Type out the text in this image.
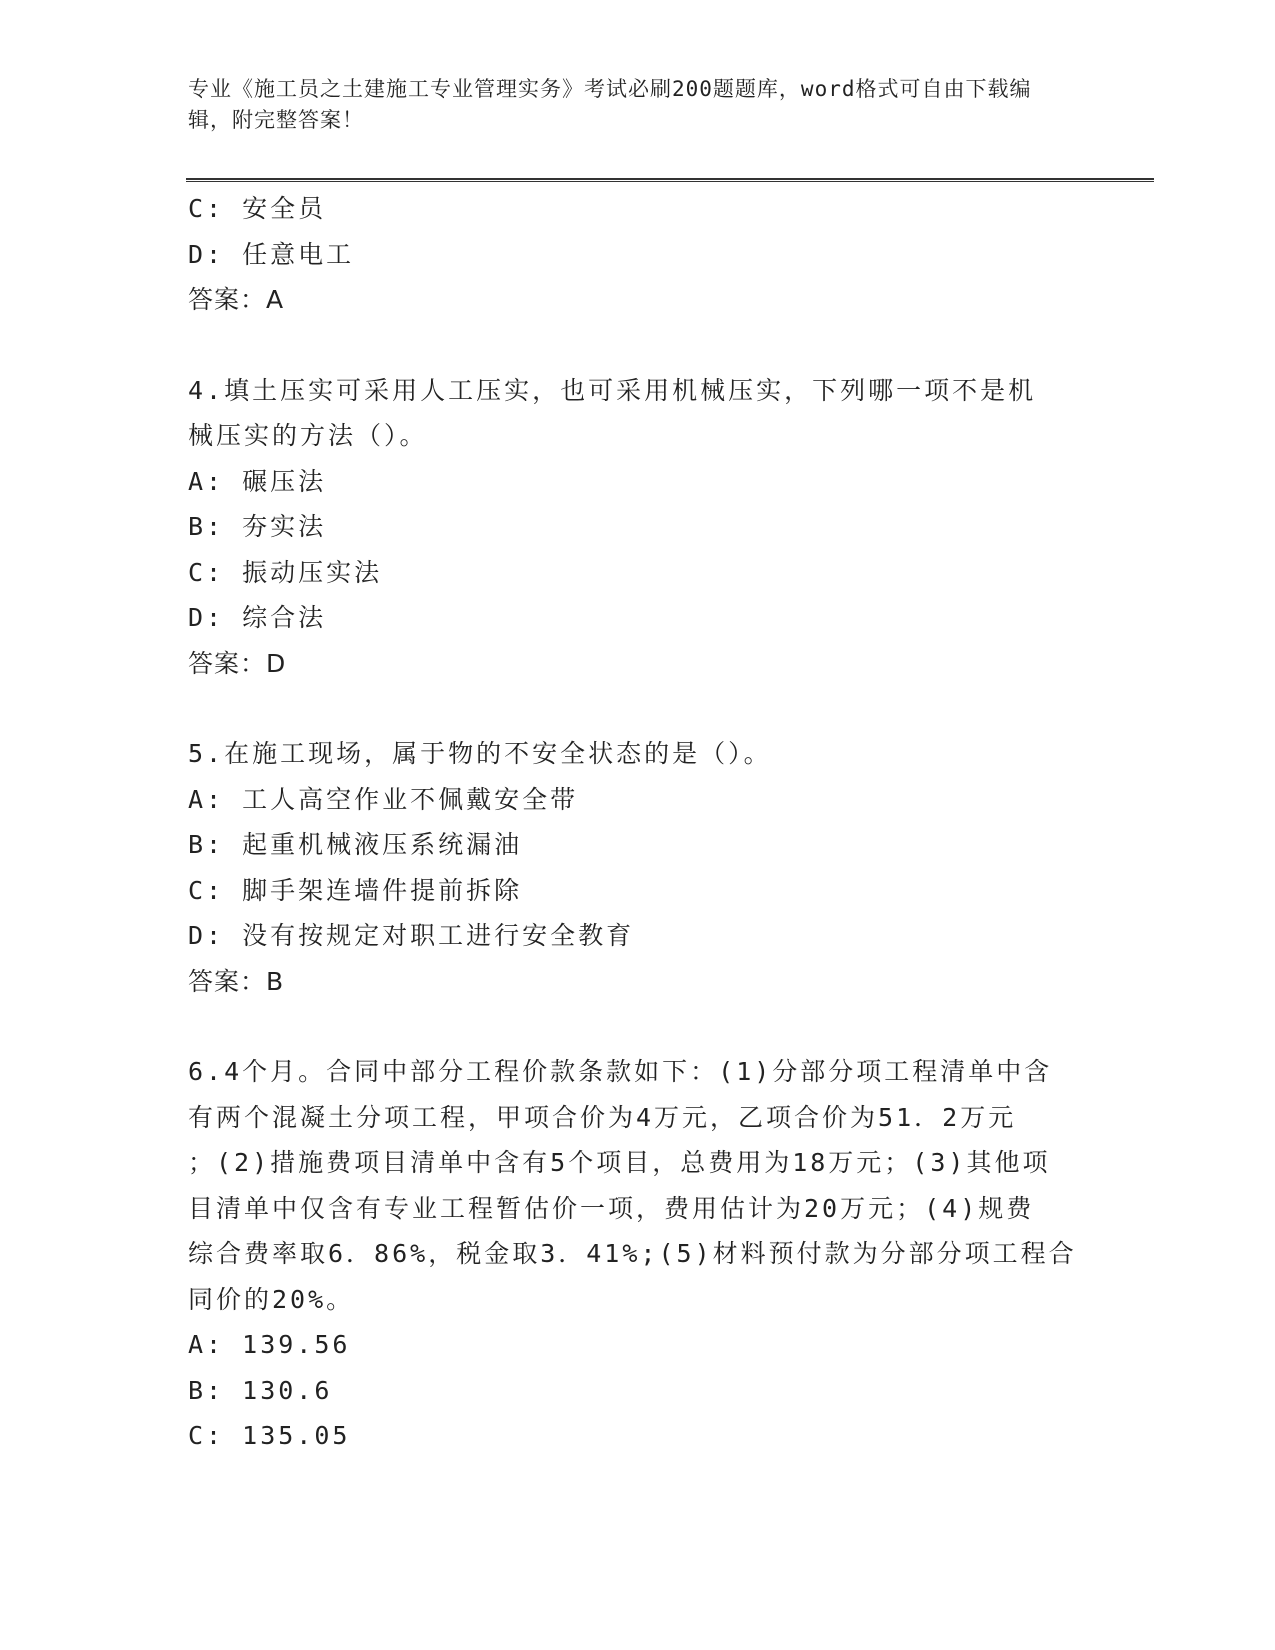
专业《施工员之土建施工专业管理实务》考试必刷200题题库，word格式可自由下载编辑，附完整答案！
C: 安全员
D: 任意电工
答案：A
4.填土压实可采用人工压实，也可采用机械压实，下列哪一项不是机
械压实的方法（）。
A: 碾压法
B: 夯实法
C: 振动压实法
D: 综合法
答案：D
5.在施工现场，属于物的不安全状态的是（）。
A: 工人高空作业不佩戴安全带
B: 起重机械液压系统漏油
C: 脚手架连墙件提前拆除
D: 没有按规定对职工进行安全教育
答案：B
6.4个月。合同中部分工程价款条款如下：(1)分部分项工程清单中含
有两个混凝土分项工程，甲项合价为4万元，乙项合价为51．2万元
；(2)措施费项目清单中含有5个项目，总费用为18万元；(3)其他项
目清单中仅含有专业工程暂估价一项，费用估计为20万元；(4)规费
综合费率取6．86%，税金取3．41%;(5)材料预付款为分部分项工程合
同价的20%。
A: 139.56
B: 130.6
C: 135.05
